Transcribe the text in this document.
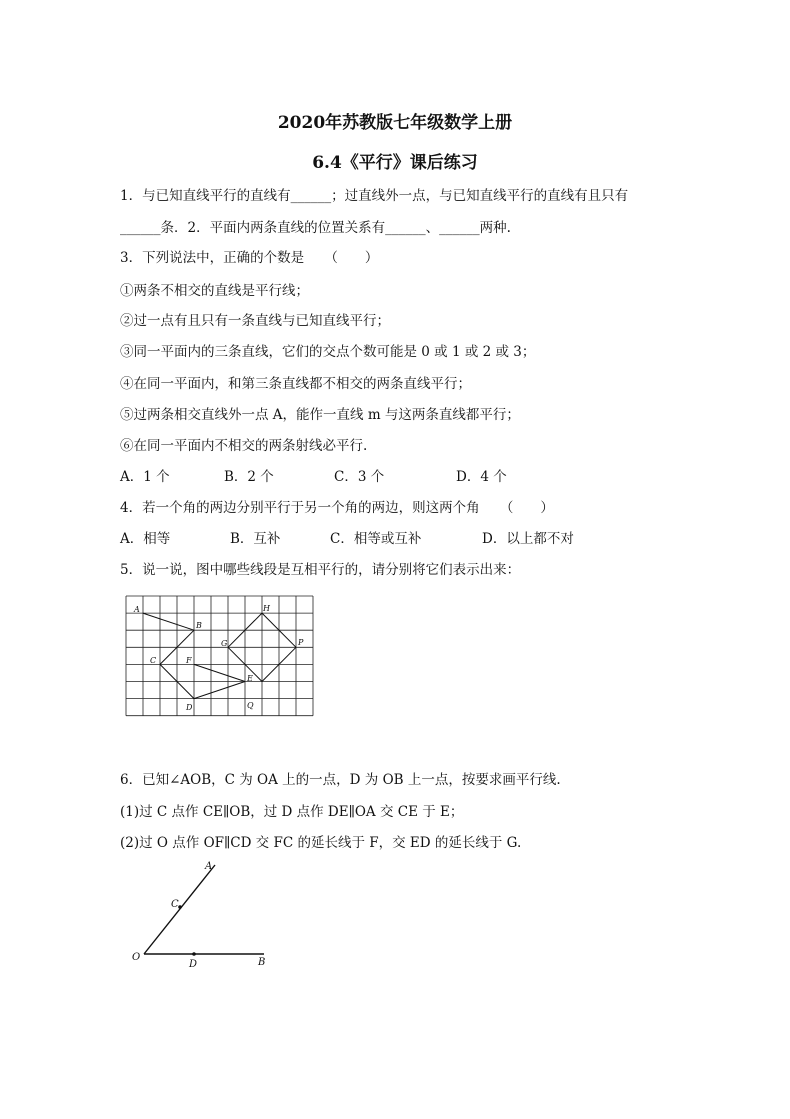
2020年苏教版七年级数学上册
6.4《平行》课后练习
1．与已知直线平行的直线有______；过直线外一点，与已知直线平行的直线有且只有
______条．2．平面内两条直线的位置关系有______、______两种.
3．下列说法中，正确的个数是　　（　　）
①两条不相交的直线是平行线；
②过一点有且只有一条直线与已知直线平行；
③同一平面内的三条直线，它们的交点个数可能是 0 或 1 或 2 或 3；
④在同一平面内，和第三条直线都不相交的两条直线平行；
⑤过两条相交直线外一点 A，能作一直线 m 与这两条直线都平行；
⑥在同一平面内不相交的两条射线必平行.
A．1 个	B．2 个	C．3 个	D．4 个
4．若一个角的两边分别平行于另一个角的两边，则这两个角　　（　　）
A．相等	B．互补	C．相等或互补	D．以上都不对
5．说一说，图中哪些线段是互相平行的，请分别将它们表示出来：
A
B
C	F
D
E
G
H
P
Q
6．已知∠AOB，C 为 OA 上的一点，D 为 OB 上一点，按要求画平行线.
(1)过 C 点作 CE∥OB，过 D 点作 DE∥OA 交 CE 于 E；
(2)过 O 点作 OF∥CD 交 FC 的延长线于 F，交 ED 的延长线于 G.
A
C
O
D	B
